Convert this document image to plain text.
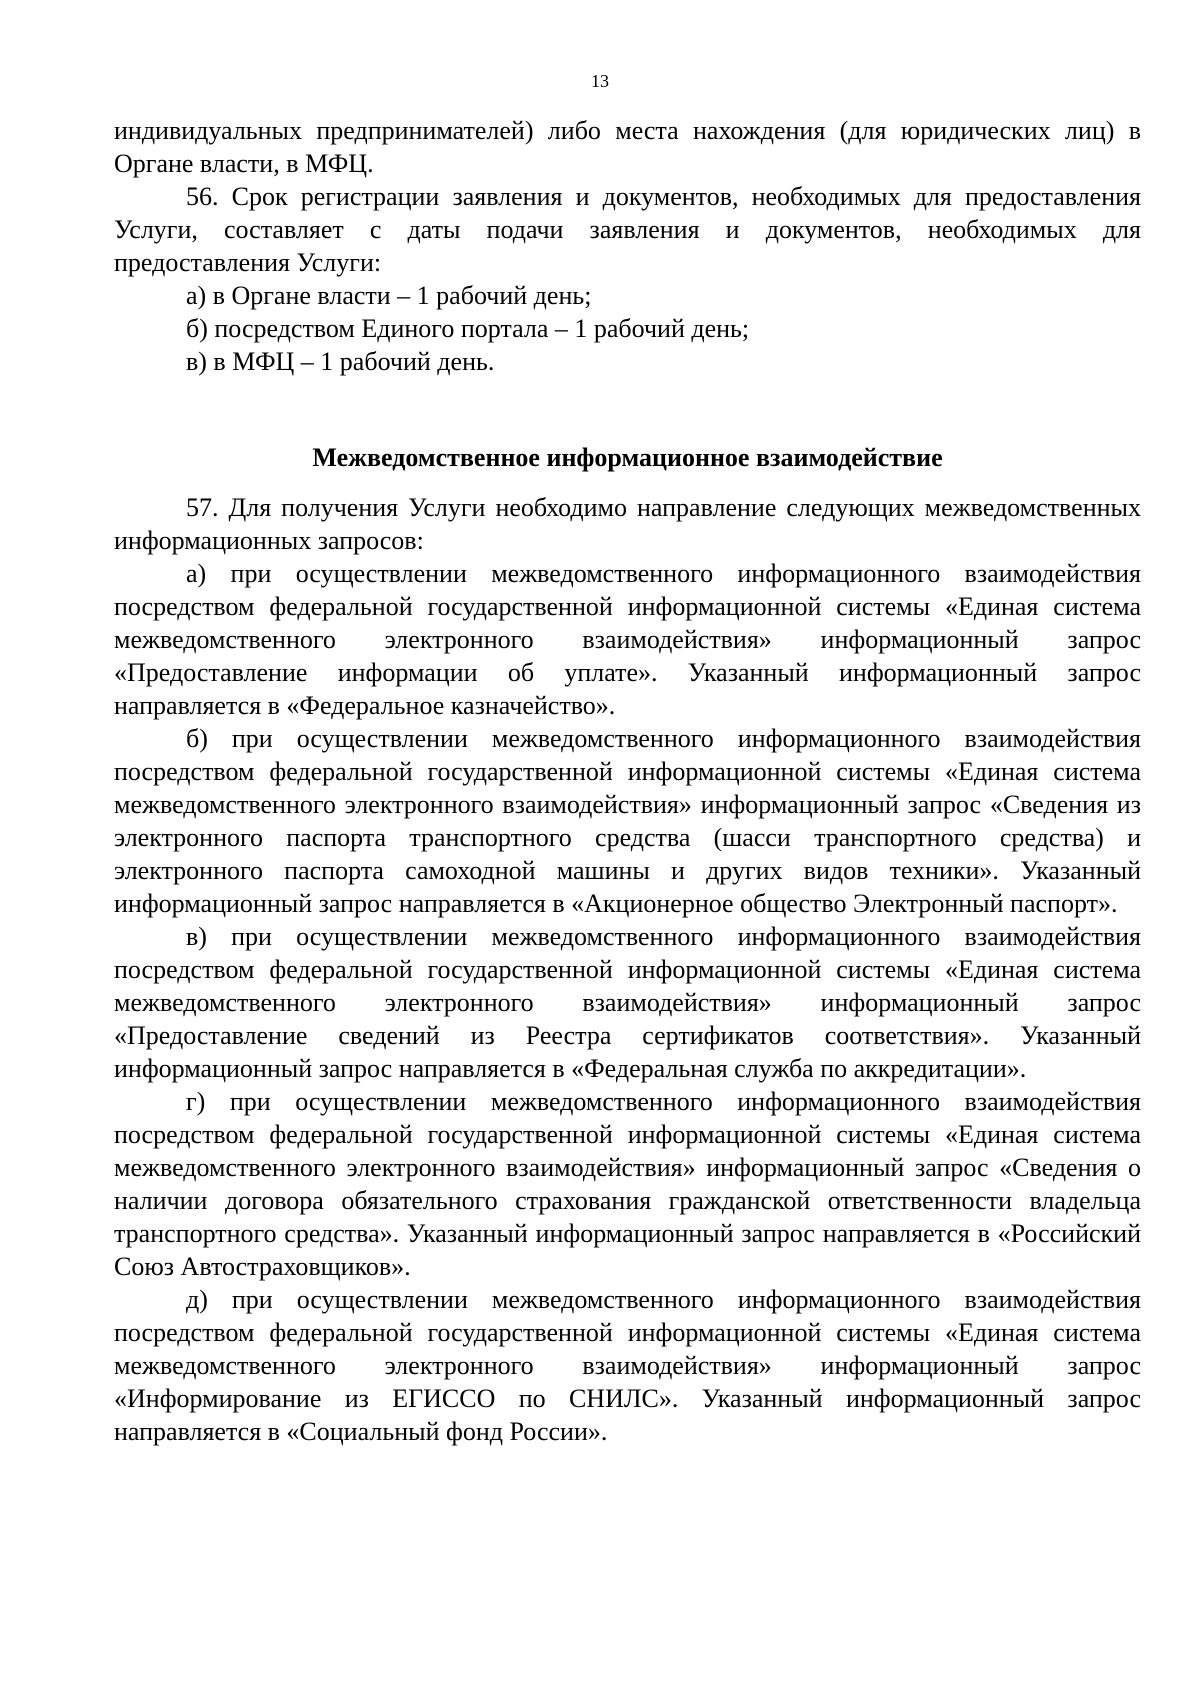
13

индивидуальных предпринимателей) либо места нахождения (для юридических лиц) в Органе власти, в МФЦ.

56. Срок регистрации заявления и документов, необходимых для предоставления Услуги, составляет с даты подачи заявления и документов, необходимых для предоставления Услуги:

а) в Органе власти – 1 рабочий день;

б) посредством Единого портала – 1 рабочий день;

в) в МФЦ – 1 рабочий день.

Межведомственное информационное взаимодействие

57. Для получения Услуги необходимо направление следующих межведомственных информационных запросов:

а) при осуществлении межведомственного информационного взаимодействия посредством федеральной государственной информационной системы «Единая система межведомственного электронного взаимодействия» информационный запрос «Предоставление информации об уплате». Указанный информационный запрос направляется в «Федеральное казначейство».

б) при осуществлении межведомственного информационного взаимодействия посредством федеральной государственной информационной системы «Единая система межведомственного электронного взаимодействия» информационный запрос «Сведения из электронного паспорта транспортного средства (шасси транспортного средства) и электронного паспорта самоходной машины и других видов техники». Указанный информационный запрос направляется в «Акционерное общество Электронный паспорт».

в) при осуществлении межведомственного информационного взаимодействия посредством федеральной государственной информационной системы «Единая система межведомственного электронного взаимодействия» информационный запрос «Предоставление сведений из Реестра сертификатов соответствия». Указанный информационный запрос направляется в «Федеральная служба по аккредитации».

г) при осуществлении межведомственного информационного взаимодействия посредством федеральной государственной информационной системы «Единая система межведомственного электронного взаимодействия» информационный запрос «Сведения о наличии договора обязательного страхования гражданской ответственности владельца транспортного средства». Указанный информационный запрос направляется в «Российский Союз Автостраховщиков».

д) при осуществлении межведомственного информационного взаимодействия посредством федеральной государственной информационной системы «Единая система межведомственного электронного взаимодействия» информационный запрос «Информирование из ЕГИССО по СНИЛС». Указанный информационный запрос направляется в «Социальный фонд России».
